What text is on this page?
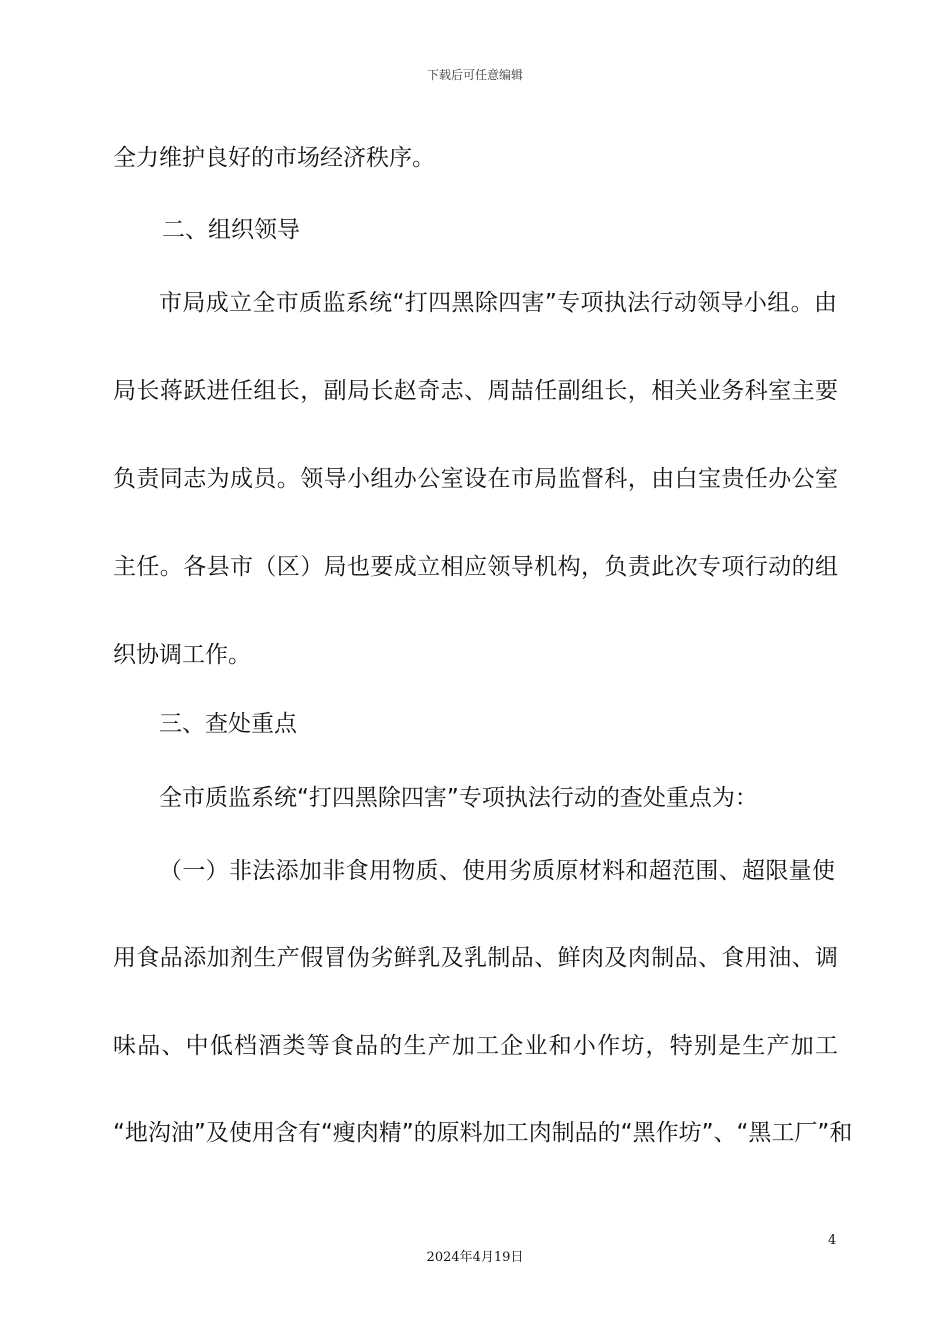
下载后可任意编辑
全力维护良好的市场经济秩序。
二、组织领导
市局成立全市质监系统“打四黑除四害”专项执法行动领导小组。由
局长蒋跃进任组长，副局长赵奇志、周喆任副组长，相关业务科室主要
负责同志为成员。领导小组办公室设在市局监督科，由白宝贵任办公室
主任。各县市（区）局也要成立相应领导机构，负责此次专项行动的组
织协调工作。
三、查处重点
全市质监系统“打四黑除四害”专项执法行动的查处重点为：
（一）非法添加非食用物质、使用劣质原材料和超范围、超限量使
用食品添加剂生产假冒伪劣鲜乳及乳制品、鲜肉及肉制品、食用油、调
味品、中低档酒类等食品的生产加工企业和小作坊，特别是生产加工
“地沟油”及使用含有“瘦肉精”的原料加工肉制品的“黑作坊”、“黑工厂”和
4
2024年4月19日
